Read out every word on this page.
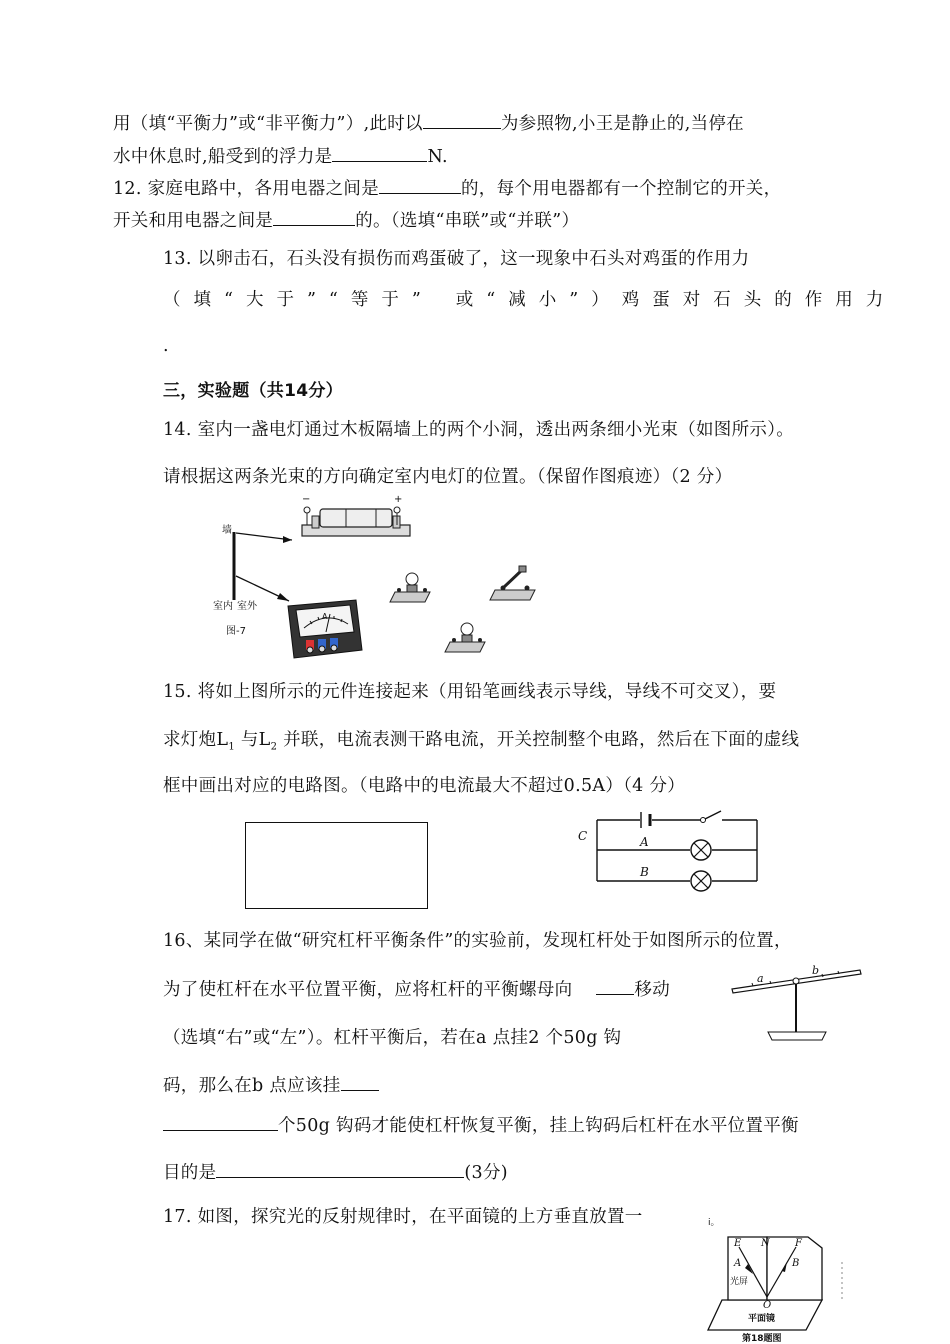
用（填“平衡力”或“非平衡力”）,此时以	为参照物,小王是静止的,当停在
水中休息时,船受到的浮力是	N.
12. 家庭电路中，各用电器之间是	的，每个用电器都有一个控制它的开关，
开关和用电器之间是	的。（选填“串联”或“并联”）
13. 以卵击石，石头没有损伤而鸡蛋破了，这一现象中石头对鸡蛋的作用力
（填“大于”“等于” 或“减小”）鸡蛋对石头的作用力
.
三，实验题（共14分）
14. 室内一盏电灯通过木板隔墙上的两个小洞，透出两条细小光束（如图所示）。
请根据这两条光束的方向确定室内电灯的位置。（保留作图痕迹）（2 分）
墙
室内 室外
图-7
−	+
A
15. 将如上图所示的元件连接起来（用铅笔画线表示导线，导线不可交叉），要
求灯炮$L_1$ 与$L_2$ 并联，电流表测干路电流，开关控制整个电路，然后在下面的虚线
框中画出对应的电路图。（电路中的电流最大不超过0.5A）（4 分）
C	A
B
16、某同学在做“研究杠杆平衡条件”的实验前，发现杠杆处于如图所示的位置，
为了使杠杆在水平位置平衡，应将杠杆的平衡螺母向	移动
（选填“右”或“左”）。杠杆平衡后，若在a 点挂2 个50g 钩
码，那么在b 点应该挂
个50g 钩码才能使杠杆恢复平衡，挂上钩码后杠杆在水平位置平衡
目的是	(3分)
a
b
17. 如图，探究光的反射规律时，在平面镜的上方垂直放置一	i。
E N	F
A	B
O
光屏
平面镜
第18题图
